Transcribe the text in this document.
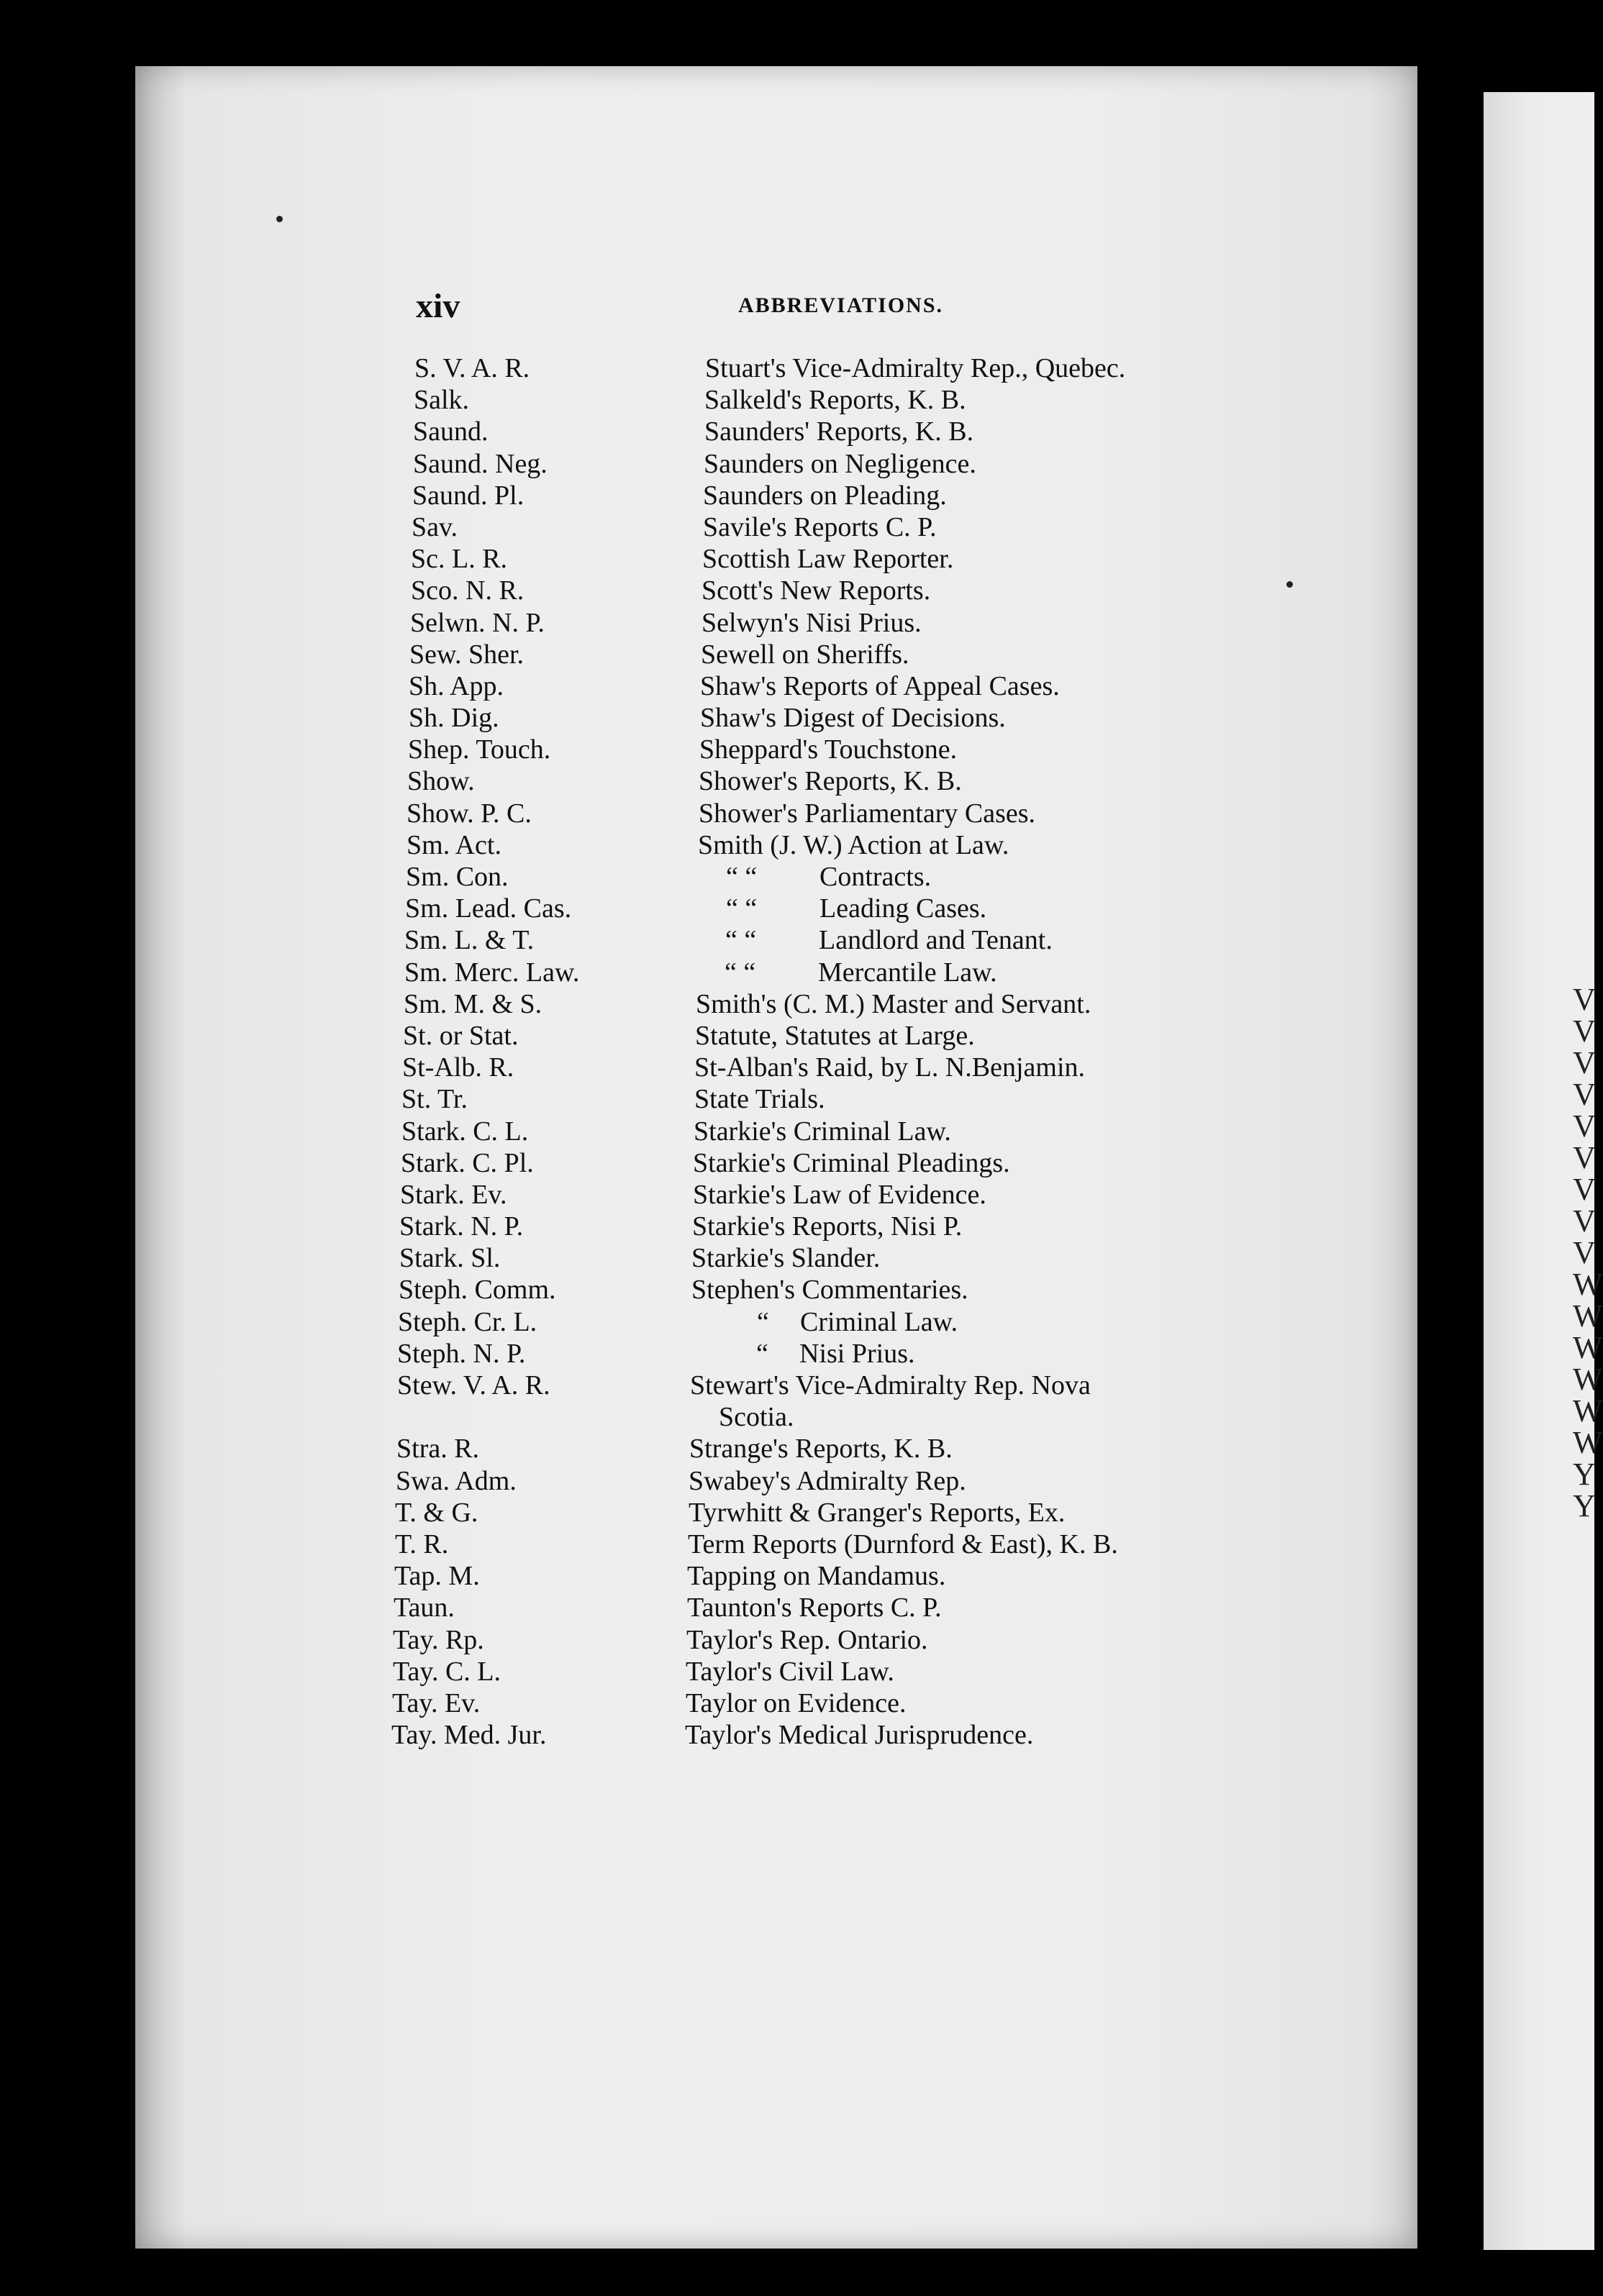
V
V
V
V
V
V
V
V
V
W
W
W
W
W
W
Y
Y
xiv	ABBREVIATIONS.
S. V. A. R.	Stuart's Vice-Admiralty Rep., Quebec.
Salk.	Salkeld's Reports, K. B.
Saund.	Saunders' Reports, K. B.
Saund. Neg.	Saunders on Negligence.
Saund. Pl.	Saunders on Pleading.
Sav.	Savile's Reports C. P.
Sc. L. R.	Scottish Law Reporter.
Sco. N. R.	Scott's New Reports.
Selwn. N. P.	Selwyn's Nisi Prius.
Sew. Sher.	Sewell on Sheriffs.
Sh. App.	Shaw's Reports of Appeal Cases.
Sh. Dig.	Shaw's Digest of Decisions.
Shep. Touch.	Sheppard's Touchstone.
Show.	Shower's Reports, K. B.
Show. P. C.	Shower's Parliamentary Cases.
Sm. Act.	Smith (J. W.) Action at Law.
Sm. Con.	“ “ Contracts.
Sm. Lead. Cas.	“ “ Leading Cases.
Sm. L. & T.	“ “ Landlord and Tenant.
Sm. Merc. Law.	“ “ Mercantile Law.
Sm. M. & S.	Smith's (C. M.) Master and Servant.
St. or Stat.	Statute, Statutes at Large.
St-Alb. R.	St-Alban's Raid, by L. N.Benjamin.
St. Tr.	State Trials.
Stark. C. L.	Starkie's Criminal Law.
Stark. C. Pl.	Starkie's Criminal Pleadings.
Stark. Ev.	Starkie's Law of Evidence.
Stark. N. P.	Starkie's Reports, Nisi P.
Stark. Sl.	Starkie's Slander.
Steph. Comm.	Stephen's Commentaries.
Steph. Cr. L.	“ Criminal Law.
Steph. N. P.	“ Nisi Prius.
Stew. V. A. R.	Stewart's Vice-Admiralty Rep. Nova
Scotia.
Stra. R.	Strange's Reports, K. B.
Swa. Adm.	Swabey's Admiralty Rep.
T. & G.	Tyrwhitt & Granger's Reports, Ex.
T. R.	Term Reports (Durnford & East), K. B.
Tap. M.	Tapping on Mandamus.
Taun.	Taunton's Reports C. P.
Tay. Rp.	Taylor's Rep. Ontario.
Tay. C. L.	Taylor's Civil Law.
Tay. Ev.	Taylor on Evidence.
Tay. Med. Jur.	Taylor's Medical Jurisprudence.
